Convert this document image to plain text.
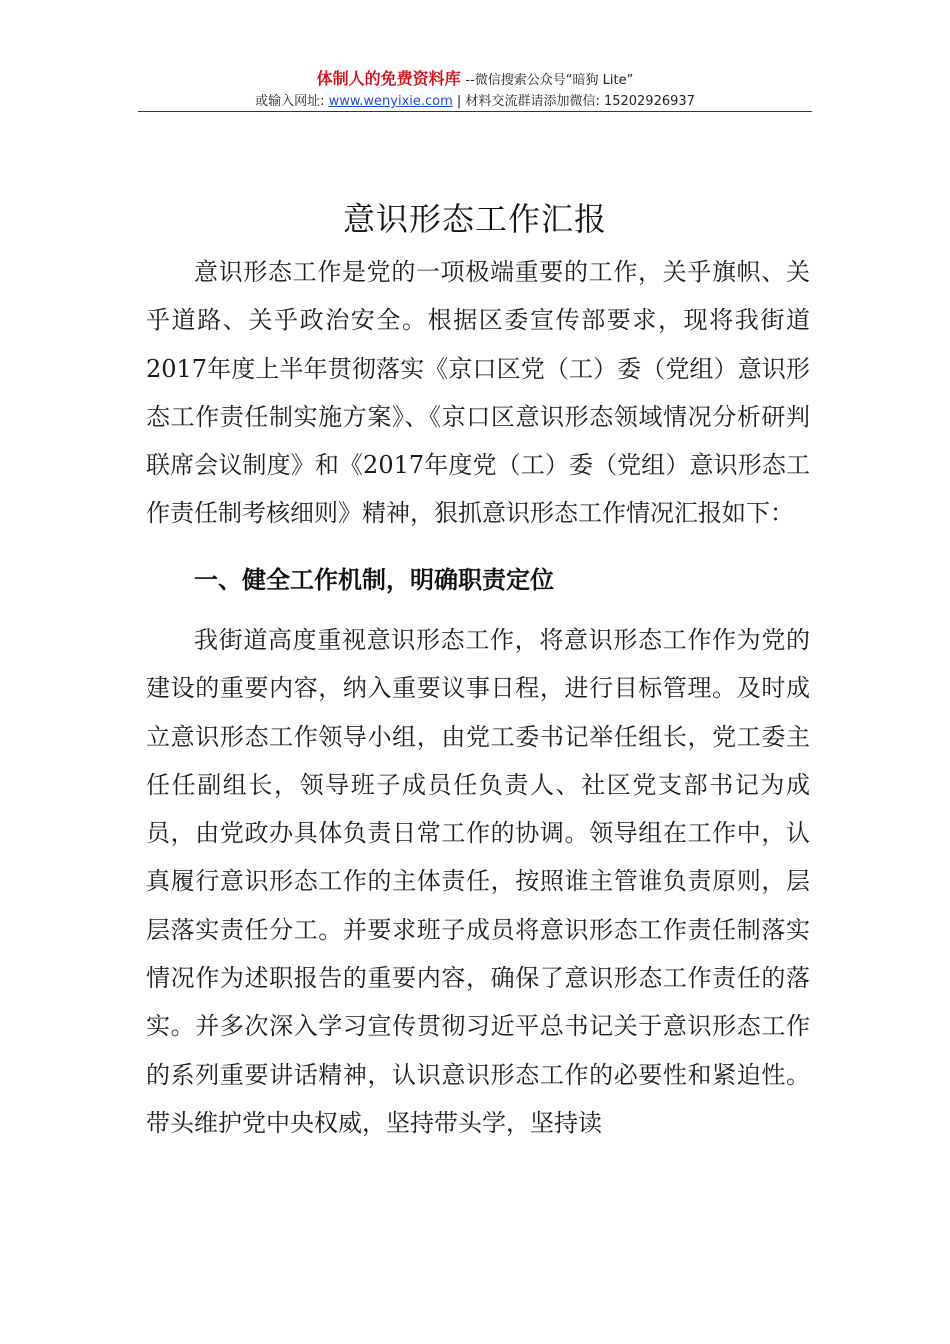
体制人的免费资料库 --微信搜索公众号“暗狗 Lite”
或输入网址: www.wenyixie.com | 材料交流群请添加微信: 15202926937
意识形态工作汇报

意识形态工作是党的一项极端重要的工作，关乎旗帜、关乎道路、关乎政治安全。根据区委宣传部要求，现将我街道2017年度上半年贯彻落实《京口区党（工）委（党组）意识形态工作责任制实施方案》、《京口区意识形态领域情况分析研判联席会议制度》和《2017年度党（工）委（党组）意识形态工作责任制考核细则》精神，狠抓意识形态工作情况汇报如下：

一、健全工作机制，明确职责定位

我街道高度重视意识形态工作，将意识形态工作作为党的建设的重要内容，纳入重要议事日程，进行目标管理。及时成立意识形态工作领导小组，由党工委书记举任组长，党工委主任任副组长，领导班子成员任负责人、社区党支部书记为成员，由党政办具体负责日常工作的协调。领导组在工作中，认真履行意识形态工作的主体责任，按照谁主管谁负责原则，层层落实责任分工。并要求班子成员将意识形态工作责任制落实情况作为述职报告的重要内容，确保了意识形态工作责任的落实。并多次深入学习宣传贯彻习近平总书记关于意识形态工作的系列重要讲话精神，认识意识形态工作的必要性和紧迫性。带头维护党中央权威，坚持带头学，坚持读
